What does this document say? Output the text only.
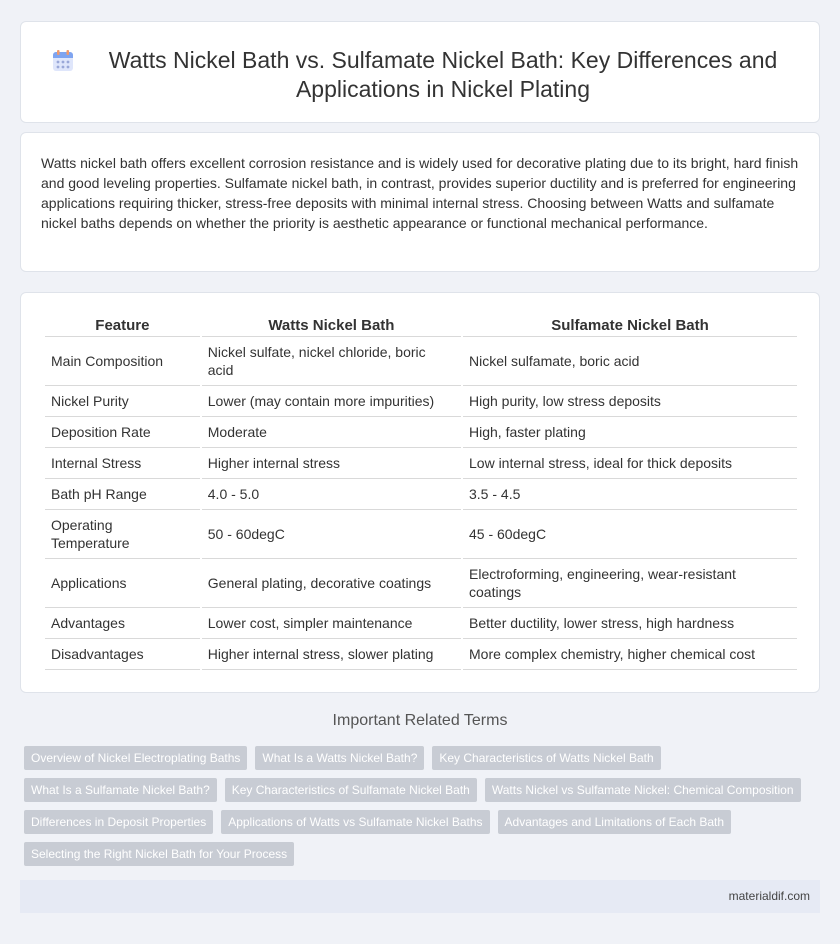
Watts Nickel Bath vs. Sulfamate Nickel Bath: Key Differences and Applications in Nickel Plating

Watts nickel bath offers excellent corrosion resistance and is widely used for decorative plating due to its bright, hard finish and good leveling properties. Sulfamate nickel bath, in contrast, provides superior ductility and is preferred for engineering applications requiring thicker, stress-free deposits with minimal internal stress. Choosing between Watts and sulfamate nickel baths depends on whether the priority is aesthetic appearance or functional mechanical performance.

Feature	Watts Nickel Bath	Sulfamate Nickel Bath
Main Composition	Nickel sulfate, nickel chloride, boric acid	Nickel sulfamate, boric acid
Nickel Purity	Lower (may contain more impurities)	High purity, low stress deposits
Deposition Rate	Moderate	High, faster plating
Internal Stress	Higher internal stress	Low internal stress, ideal for thick deposits
Bath pH Range	4.0 - 5.0	3.5 - 4.5
Operating Temperature	50 - 60degC	45 - 60degC
Applications	General plating, decorative coatings	Electroforming, engineering, wear-resistant coatings
Advantages	Lower cost, simpler maintenance	Better ductility, lower stress, high hardness
Disadvantages	Higher internal stress, slower plating	More complex chemistry, higher chemical cost
Important Related Terms
Overview of Nickel Electroplating Baths	What Is a Watts Nickel Bath?	Key Characteristics of Watts Nickel Bath
What Is a Sulfamate Nickel Bath?	Key Characteristics of Sulfamate Nickel Bath	Watts Nickel vs Sulfamate Nickel: Chemical Composition
Differences in Deposit Properties	Applications of Watts vs Sulfamate Nickel Baths	Advantages and Limitations of Each Bath
Selecting the Right Nickel Bath for Your Process
materialdif.com
